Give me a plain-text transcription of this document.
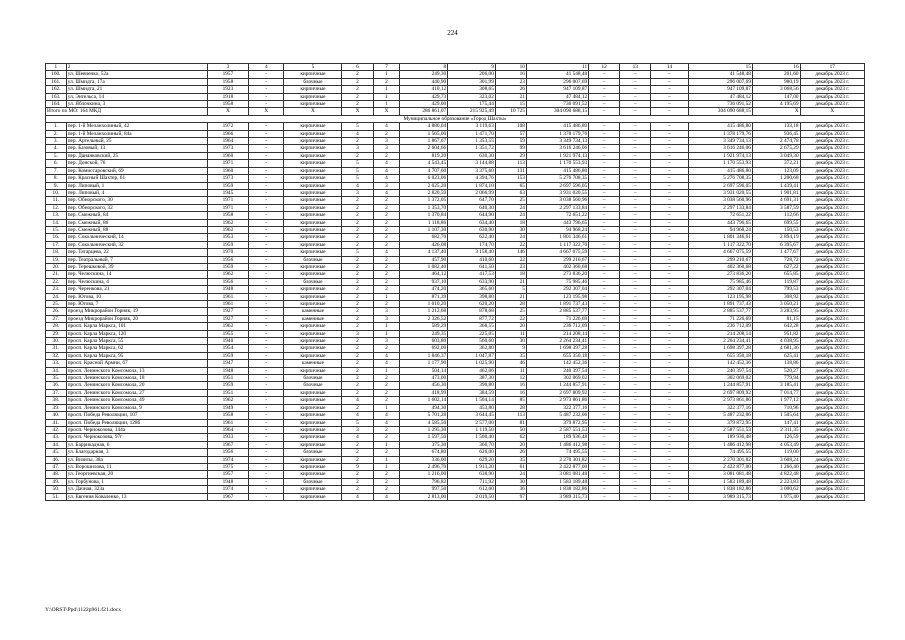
224
1	2	3	4	5	6	7	8	9	10	11	12	13	14	15	16	17
160.	ул. Шевченко, 52а	1957	-	кирпичные	2	1	249,30	206,00	16	41 548,48	–	–	–	41 548,48	201,60	декабрь 2023 г.
161.	ул. Шмидта, 17а	1958	-	блочные	2	2	440,90	301,99	23	296 007,69	–	–	–	296 007,69	980,19	декабрь 2023 г.
162.	ул. Шмидта, 21	1923	-	кирпичные	2	1	410,12	308,65	26	947 109,87	–	–	–	947 109,87	3 068,56	декабрь 2023 г.
163.	ул. Энгельса, 14	1918	-	кирпичные	2	1	429,73	323,02	21	47 484,12	–	–	–	47 484,12	147,00	декабрь 2023 г.
164.	ул. Яблочкина, 3	1958	-	кирпичные	2	1	429,00	175,44	15	736 091,52	–	–	–	736 091,52	4 195,69	декабрь 2023 г.
Итого по МО: 164 МКД		X	X	X	X	X	286 861,07	215 925,49	10 725	304 090 688,15	–	–	–	304 090 688,15	X	X
Муниципальное образование «Город Шахты»																
1.	пер. 1-й Меланхолиный, 42	1972	-	кирпичные	5	4	4 880,04	3 119,63	108	415 486,80	–	–	–	415 486,80	133,18	декабрь 2023 г.
2.	пер. 1-й Меланхолиный, 84а	1966	-	кирпичные	4	2	1 565,00	1 471,70	57	1 378 179,76	–	–	–	1 378 179,76	936,45	декабрь 2023 г.
3.	пер. Артельный, 25	1964	-	кирпичные	2	3	1 867,67	1 353,55	59	3 349 734,13	–	–	–	3 349 734,13	2 474,78	декабрь 2023 г.
4.	пер. Базовый, 13	1973	-	кирпичные	3	3	2 604,66	1 351,72	99	3 616 246,06	–	–	–	3 616 246,06	2 675,29	декабрь 2023 г.
5.	пер. Дананковский, 25	1960	-	кирпичные	2	2	819,20	630,30	29	1 921 974,13	–	–	–	1 921 974,13	3 049,30	декабрь 2023 г.
6.	пер. Донской, 76	1971	-	кирпичные	5	4	4 543,45	3 144,88	113	1 170 553,93	–	–	–	1 170 553,93	372,21	декабрь 2023 г.
7.	пер. Комиссаровский, 69	1960	-	кирпичные	5	4	4 707,60	3 375,60	131	415 486,80	–	–	–	415 486,80	123,09	декабрь 2023 г.
8.	пер. Красный Шахтер, 61	1973	-	кирпичные	5	4	6 023,06	4 394,76	153	5 276 708,35	–	–	–	5 276 708,35	1 200,68	декабрь 2023 г.
9.	пер. Липовый, 1	1959	-	кирпичные	4	3	2 025,20	1 874,10	65	2 697 596,05	–	–	–	2 697 596,05	1 439,41	декабрь 2023 г.
10.	пер. Липовый, 4	1945	-	кирпичные	3	4	2 820,59	2 066,99	63	3 931 020,55	–	–	–	3 931 020,55	1 901,81	декабрь 2023 г.
11.	пер. Обнорского, 30	1971	-	кирпичные	2	2	1 372,05	647,70	25	3 038 560,96	–	–	–	3 038 560,96	4 691,31	декабрь 2023 г.
12.	пер. Обнорского, 32	1971	-	кирпичные	2	2	1 353,70	640,30	24	2 297 133,84	–	–	–	2 297 133,84	3 587,59	декабрь 2023 г.
13.	пер. Смежный, 84	1958	-	кирпичные	2	2	1 370,84	644,90	24	72 651,22	–	–	–	72 651,22	112,66	декабрь 2023 г.
14.	пер. Смежный, 86	1962	-	кирпичные	2	2	1 118,86	634,40	18	443 796,65	–	–	–	443 796,65	699,55	декабрь 2023 г.
15.	пер. Смежный, 88	1962	-	кирпичные	2	2	1 107,30	630,90	30	94 968,24	–	–	–	94 968,24	150,53	декабрь 2023 г.
16.	пер. Сокольнический, 14	1953	-	кирпичные	2	2	682,70	622,40	24	1 801 346,61	–	–	–	1 801 346,61	2 894,19	декабрь 2023 г.
17.	пер. Сокольнический, 32	1959	-	кирпичные	2	2	426,08	174,70	22	1 117 322,70	–	–	–	1 117 322,70	6 395,67	декабрь 2023 г.
18.	пер. Татарцева, 22	1970	-	кирпичные	5	4	4 137,40	3 158,40	146	4 667 075,59	–	–	–	4 667 075,59	1 477,67	декабрь 2023 г.
19.	пер. Театральный, 7	1956	-	блочные	2	2	457,90	410,60	22	299 210,67	–	–	–	299 210,67	728,72	декабрь 2023 г.
20.	пер. Терешковой, 39	1959	-	кирпичные	2	2	1 082,40	641,50	23	402 360,68	–	–	–	402 360,68	627,22	декабрь 2023 г.
21.	пер. Челюскина, 14	1962	-	кирпичные	2	2	464,12	417,53	18	273 836,20	–	–	–	273 836,20	655,85	декабрь 2023 г.
22.	пер. Челюскина, 4	1956	-	блочные	2	2	937,10	633,90	21	75 985,46	–	–	–	75 985,46	119,87	декабрь 2023 г.
23.	пер. Черенкова, 21	1948	-	кирпичные	2	2	474,20	365,60	5	292 307,04	–	–	–	292 307,04	799,53	декабрь 2023 г.
24.	пер. Югова, 10	1961	-	кирпичные	2	1	871,39	398,80	21	123 195,98	–	–	–	123 195,98	308,92	декабрь 2023 г.
25.	пер. Югова, 7	1961	-	кирпичные	2	2	1 010,20	620,20	28	1 891 737,43	–	–	–	1 891 737,43	3 050,21	декабрь 2023 г.
26.	проезд Микрорайон Горняк, 19	1927	-	каменные	2	3	1 212,68	878,68	25	2 885 537,77	–	–	–	2 885 537,77	3 283,95	декабрь 2023 г.
27.	проезд Микрорайон Горняк, 20	1927	-	каменные	2	3	2 326,52	877,72	22	71 226,69	–	–	–	71 226,69	81,15	декабрь 2023 г.
28.	просп. Карла Маркса, 101	1962	-	кирпичные	2	1	589,29	368,55	20	236 712,09	–	–	–	236 712,09	642,28	декабрь 2023 г.
29.	просп. Карла Маркса, 120	1955	-	кирпичные	3	1	249,35	225,05	11	214 208,14	–	–	–	214 208,14	951,82	декабрь 2023 г.
30.	просп. Карла Маркса, 55	1940	-	кирпичные	2	3	603,80	560,60	30	2 264 234,41	–	–	–	2 264 234,41	4 038,95	декабрь 2023 г.
31.	просп. Карла Маркса, 62	1954	-	кирпичные	2	2	692,00	362,80	9	1 698 397,28	–	–	–	1 698 397,28	4 681,36	декабрь 2023 г.
32.	просп. Карла Маркса, 95	1959	-	кирпичные	2	4	1 846,37	1 047,87	35	655 350,18	–	–	–	655 350,18	625,41	декабрь 2023 г.
33.	просп. Красной Армии, 67	1947	-	каменные	2	4	1 177,90	1 025,90	46	142 452,36	–	–	–	142 452,36	138,86	декабрь 2023 г.
34.	просп. Ленинского Комсомола, 13	1948	-	кирпичные	2	1	504,14	462,06	11	240 397,54	–	–	–	240 397,54	520,27	декабрь 2023 г.
35.	просп. Ленинского Комсомола, 18	1951	-	блочные	2	2	473,00	387,30	12	302 069,02	–	–	–	302 069,02	779,94	декабрь 2023 г.
36.	просп. Ленинского Комсомола, 20	1959	-	блочные	2	2	456,30	390,80	16	1 244 857,91	–	–	–	1 244 857,91	3 185,41	декабрь 2023 г.
37.	просп. Ленинского Комсомола, 27	1951	-	кирпичные	2	2	418,99	384,59	16	2 697 809,92	–	–	–	2 697 809,92	7 014,77	декабрь 2023 г.
38.	просп. Ленинского Комсомола, 49	1962	-	кирпичные	4	2	1 602,14	1 504,14	85	2 973 861,86	–	–	–	2 973 861,86	1 977,12	декабрь 2023 г.
39.	просп. Ленинского Комсомола, 9	1949	-	кирпичные	2	1	494,30	453,80	28	322 377,16	–	–	–	322 377,16	710,96	декабрь 2023 г.
40.	просп. Победа Революции, 107	1958	-	кирпичные	4	4	5 701,28	3 644,45	113	5 487 232,06	–	–	–	5 487 232,06	1 505,64	декабрь 2023 г.
41.	просп. Победа Революции, 128б	1961	-	кирпичные	5	4	4 585,50	2 577,00	81	379 872,95	–	–	–	379 872,95	147,41	декабрь 2023 г.
42.	просп. Чернокозова, 144а	1964	-	кирпичные	3	2	1 295,30	1 119,50	50	2 587 551,53	–	–	–	2 587 551,53	2 311,35	декабрь 2023 г.
43.	просп. Чернокозова, 97г	1933	-	кирпичные	4	2	1 597,50	1 500,40	62	189 936,48	–	–	–	189 936,48	126,59	декабрь 2023 г.
44.	ул. Баррикадная, 6	1967	-	кирпичные	2	1	375,30	366,70	20	1 486 412,98	–	–	–	1 486 412,98	4 053,49	декабрь 2023 г.
45.	ул. Благодарная, 3	1956	-	блочные	2	2	674,80	626,00	26	74 495,55	–	–	–	74 495,55	119,00	декабрь 2023 г.
46.	ул. Визиты, 38а	1974	-	кирпичные	2	1	336,00	629,20	35	2 270 301,82	–	–	–	2 270 301,82	3 608,24	декабрь 2023 г.
47.	ул. Ворошилова, 11	1975	-	кирпичные	9	1	2 496,70	1 913,20	61	2 422 877,00	–	–	–	2 422 877,00	1 266,40	декабрь 2023 г.
48.	ул. Георгиевская, 20	1957	-	кирпичные	2	2	1 216,00	638,90	24	3 081 081,48	–	–	–	3 081 081,48	4 822,48	декабрь 2023 г.
49.	ул. Горбунова, 1	1948	-	блочные	2	2	796,82	711,92	30	1 583 189,48	–	–	–	1 583 189,48	2 223,83	декабрь 2023 г.
50.	ул. Дачная, 323а	1974	-	кирпичные	2	2	997,50	612,60	36	1 838 182,86	–	–	–	1 838 182,86	3 000,62	декабрь 2023 г.
51.	ул. Евгения Коваленко, 13	1967	-	кирпичные	4	4	2 813,00	2 019,50	97	3 989 315,73	–	–	–	3 989 315,73	1 975,40	декабрь 2023 г.
Y:\ORST\Ppd\1122p961.f21.docx
